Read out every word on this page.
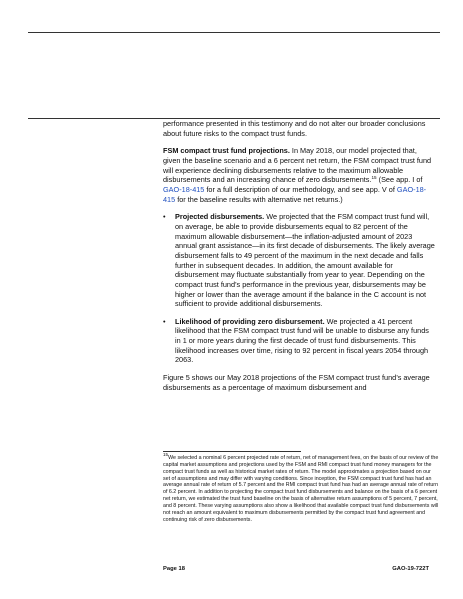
performance presented in this testimony and do not alter our broader conclusions about future risks to the compact trust funds.

FSM compact trust fund projections. In May 2018, our model projected that, given the baseline scenario and a 6 percent net return, the FSM compact trust fund will experience declining disbursements relative to the maximum allowable disbursements and an increasing chance of zero disbursements.$^{15}$ (See app. I of GAO-18-415 for a full description of our methodology, and see app. V of GAO-18-415 for the baseline results with alternative net returns.)

• Projected disbursements. We projected that the FSM compact trust fund will, on average, be able to provide disbursements equal to 82 percent of the maximum allowable disbursement—the inflation-adjusted amount of 2023 annual grant assistance—in its first decade of disbursements. The likely average disbursement falls to 49 percent of the maximum in the next decade and falls further in subsequent decades. In addition, the amount available for disbursement may fluctuate substantially from year to year. Depending on the compact trust fund’s performance in the previous year, disbursements may be higher or lower than the average amount if the balance in the C account is not sufficient to provide additional disbursements.
• Likelihood of providing zero disbursement. We projected a 41 percent likelihood that the FSM compact trust fund will be unable to disburse any funds in 1 or more years during the first decade of trust fund disbursements. This likelihood increases over time, rising to 92 percent in fiscal years 2054 through 2063.

Figure 5 shows our May 2018 projections of the FSM compact trust fund’s average disbursements as a percentage of maximum disbursement and

$^{15}$We selected a nominal 6 percent projected rate of return, net of management fees, on the basis of our review of the capital market assumptions and projections used by the FSM and RMI compact trust fund money managers for the compact trust funds as well as historical market rates of return. The model approximates a projection based on our set of assumptions and may differ with varying conditions. Since inception, the FSM compact trust fund has had an average annual rate of return of 5.7 percent and the RMI compact trust fund has had an average annual rate of return of 6.2 percent. In addition to projecting the compact trust fund disbursements and balance on the basis of a 6 percent net return, we estimated the trust fund baseline on the basis of alternative return assumptions of 5 percent, 7 percent, and 8 percent. These varying assumptions also show a likelihood that available compact trust fund disbursements will not reach an amount equivalent to maximum disbursements permitted by the compact trust fund agreement and continuing risk of zero disbursements.
Page 18	GAO-19-722T
